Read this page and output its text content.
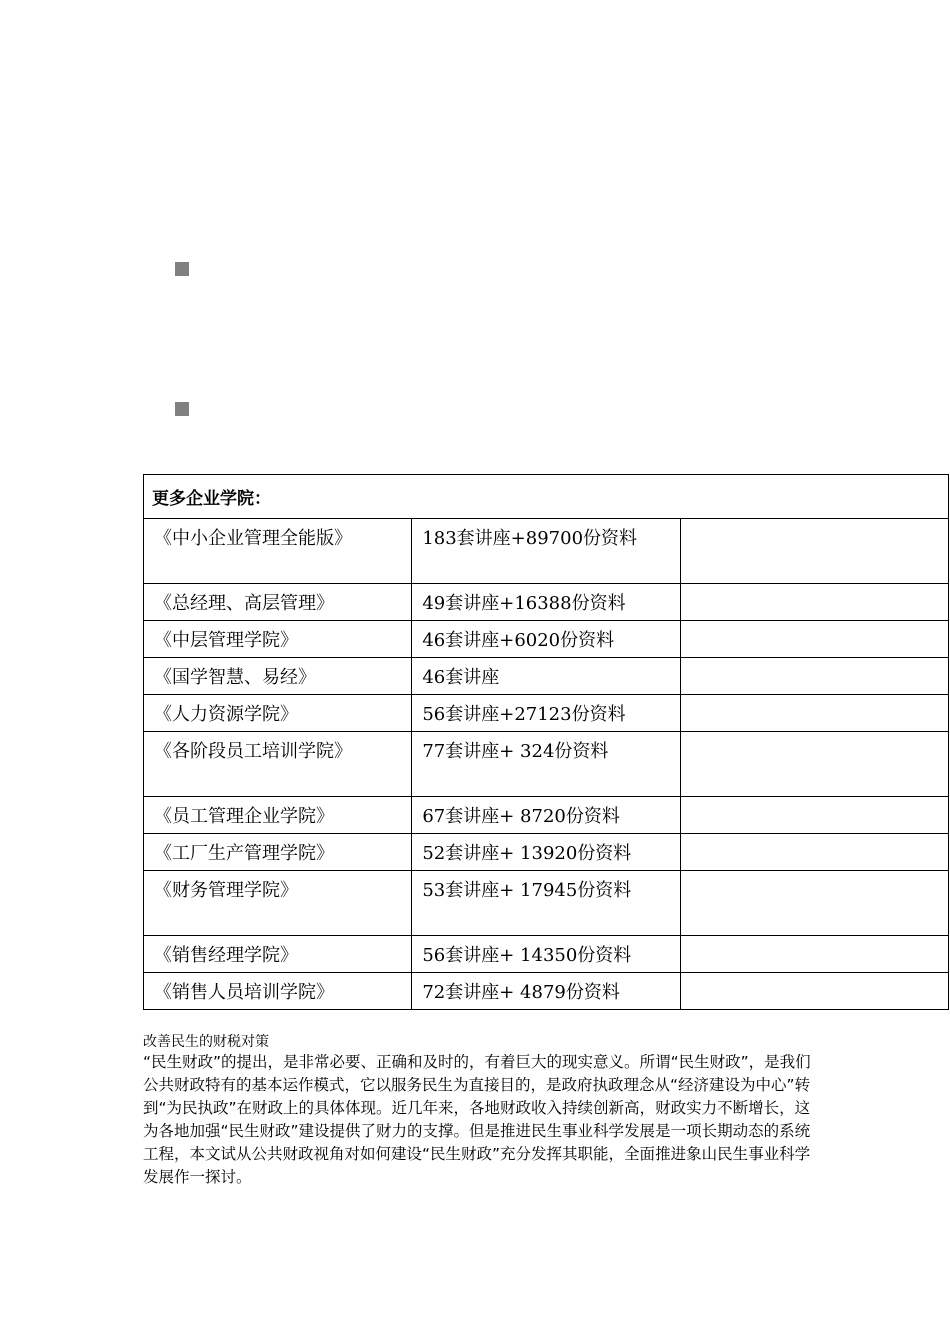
更多企业学院：		
《中小企业管理全能版》	183套讲座+89700份资料	
《总经理、高层管理》	49套讲座+16388份资料	
《中层管理学院》	46套讲座+6020份资料	
《国学智慧、易经》	46套讲座	
《人力资源学院》	56套讲座+27123份资料	
《各阶段员工培训学院》	77套讲座+ 324份资料	
《员工管理企业学院》	67套讲座+ 8720份资料	
《工厂生产管理学院》	52套讲座+ 13920份资料	
《财务管理学院》	53套讲座+ 17945份资料	
《销售经理学院》	56套讲座+ 14350份资料	
《销售人员培训学院》	72套讲座+ 4879份资料	

改善民生的财税对策

“民生财政”的提出，是非常必要、正确和及时的，有着巨大的现实意义。所谓“民生财政”，是我们公共财政特有的基本运作模式，它以服务民生为直接目的，是政府执政理念从“经济建设为中心”转到“为民执政”在财政上的具体体现。近几年来，各地财政收入持续创新高，财政实力不断增长，这为各地加强“民生财政”建设提供了财力的支撑。但是推进民生事业科学发展是一项长期动态的系统工程，本文试从公共财政视角对如何建设“民生财政”充分发挥其职能，全面推进象山民生事业科学发展作一探讨。
